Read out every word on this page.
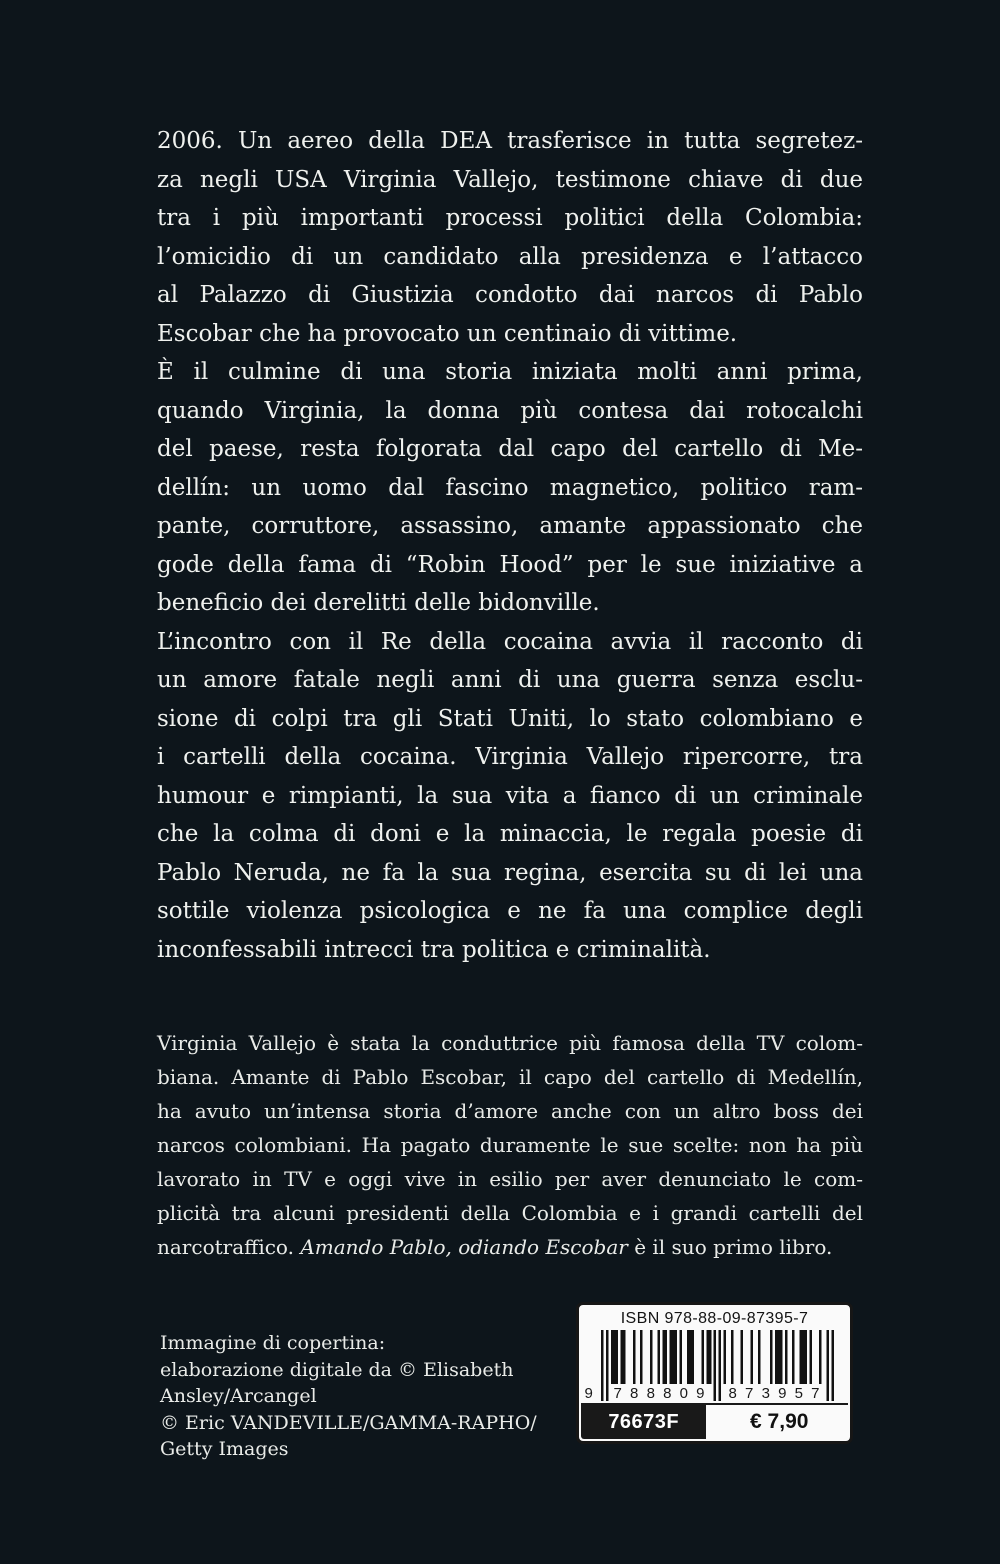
2006. Un aereo della DEA trasferisce in tutta segretez-
za negli USA Virginia Vallejo, testimone chiave di due
tra i più importanti processi politici della Colombia:
l’omicidio di un candidato alla presidenza e l’attacco
al Palazzo di Giustizia condotto dai narcos di Pablo
Escobar che ha provocato un centinaio di vittime.
È il culmine di una storia iniziata molti anni prima,
quando Virginia, la donna più contesa dai rotocalchi
del paese, resta folgorata dal capo del cartello di Me-
dellín: un uomo dal fascino magnetico, politico ram-
pante, corruttore, assassino, amante appassionato che
gode della fama di “Robin Hood” per le sue iniziative a
beneficio dei derelitti delle bidonville.
L’incontro con il Re della cocaina avvia il racconto di
un amore fatale negli anni di una guerra senza esclu-
sione di colpi tra gli Stati Uniti, lo stato colombiano e
i cartelli della cocaina. Virginia Vallejo ripercorre, tra
humour e rimpianti, la sua vita a fianco di un criminale
che la colma di doni e la minaccia, le regala poesie di
Pablo Neruda, ne fa la sua regina, esercita su di lei una
sottile violenza psicologica e ne fa una complice degli
inconfessabili intrecci tra politica e criminalità.
Virginia Vallejo è stata la conduttrice più famosa della TV colom-
biana. Amante di Pablo Escobar, il capo del cartello di Medellín,
ha avuto un’intensa storia d’amore anche con un altro boss dei
narcos colombiani. Ha pagato duramente le sue scelte: non ha più
lavorato in TV e oggi vive in esilio per aver denunciato le com-
plicità tra alcuni presidenti della Colombia e i grandi cartelli del
narcotraffico. Amando Pablo, odiando Escobar è il suo primo libro.
Immagine di copertina:
elaborazione digitale da © Elisabeth
Ansley/Arcangel
© Eric VANDEVILLE/GAMMA-RAPHO/
Getty Images
ISBN 978-88-09-87395-7
9	7 8 8 8 0 9 8 7 3 9 5 7
76673F	€ 7,90
